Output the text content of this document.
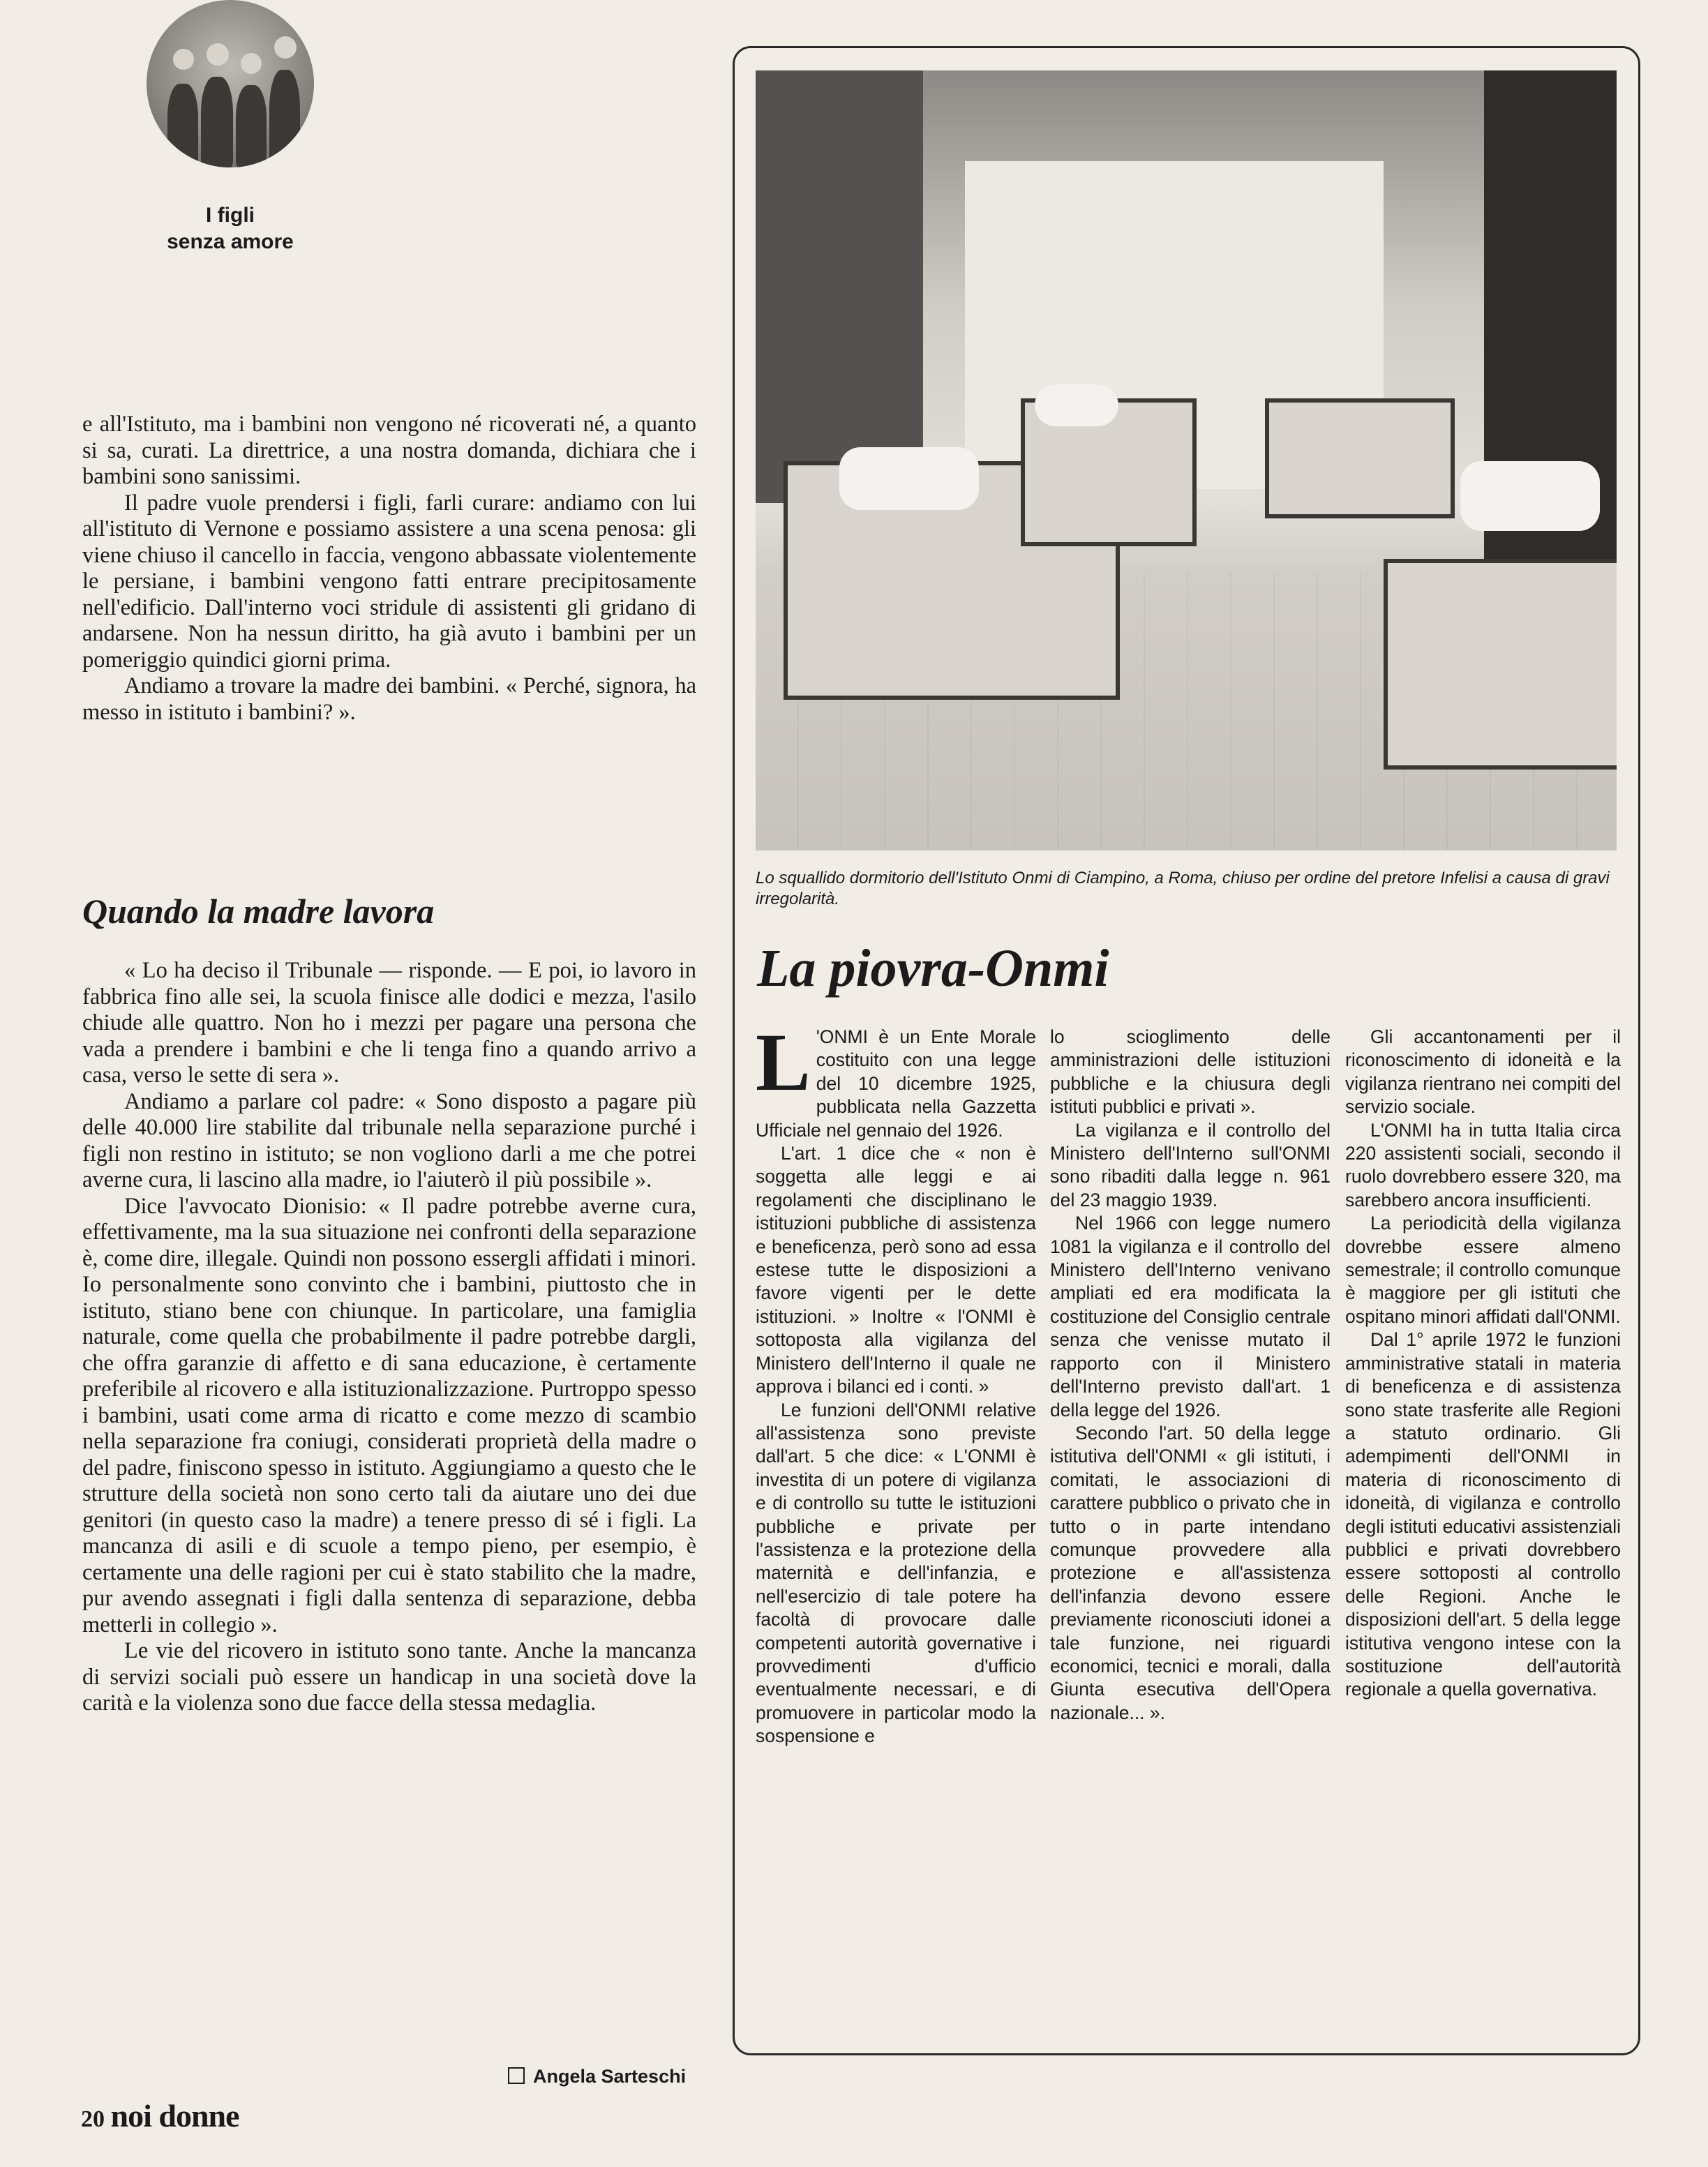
I figli
senza amore

e all'Istituto, ma i bambini non vengono né ricoverati né, a quanto si sa, curati. La direttrice, a una nostra domanda, dichiara che i bambini sono sanissimi.

Il padre vuole prendersi i figli, farli curare: andiamo con lui all'istituto di Vernone e possiamo assistere a una scena penosa: gli viene chiuso il cancello in faccia, vengono abbassate violentemente le persiane, i bambini vengono fatti entrare precipitosamente nell'edificio. Dall'interno voci stridule di assistenti gli gridano di andarsene. Non ha nessun diritto, ha già avuto i bambini per un pomeriggio quindici giorni prima.

Andiamo a trovare la madre dei bambini. « Perché, signora, ha messo in istituto i bambini? ».

Quando la madre lavora

« Lo ha deciso il Tribunale — risponde. — E poi, io lavoro in fabbrica fino alle sei, la scuola finisce alle dodici e mezza, l'asilo chiude alle quattro. Non ho i mezzi per pagare una persona che vada a prendere i bambini e che li tenga fino a quando arrivo a casa, verso le sette di sera ».

Andiamo a parlare col padre: « Sono disposto a pagare più delle 40.000 lire stabilite dal tribunale nella separazione purché i figli non restino in istituto; se non vogliono darli a me che potrei averne cura, li lascino alla madre, io l'aiuterò il più possibile ».

Dice l'avvocato Dionisio: « Il padre potrebbe averne cura, effettivamente, ma la sua situazione nei confronti della separazione è, come dire, illegale. Quindi non possono essergli affidati i minori. Io personalmente sono convinto che i bambini, piuttosto che in istituto, stiano bene con chiunque. In particolare, una famiglia naturale, come quella che probabilmente il padre potrebbe dargli, che offra garanzie di affetto e di sana educazione, è certamente preferibile al ricovero e alla istituzionalizzazione. Purtroppo spesso i bambini, usati come arma di ricatto e come mezzo di scambio nella separazione fra coniugi, considerati proprietà della madre o del padre, finiscono spesso in istituto. Aggiungiamo a questo che le strutture della società non sono certo tali da aiutare uno dei due genitori (in questo caso la madre) a tenere presso di sé i figli. La mancanza di asili e di scuole a tempo pieno, per esempio, è certamente una delle ragioni per cui è stato stabilito che la madre, pur avendo assegnati i figli dalla sentenza di separazione, debba metterli in collegio ».

Le vie del ricovero in istituto sono tante. Anche la mancanza di servizi sociali può essere un handicap in una società dove la carità e la violenza sono due facce della stessa medaglia.

Angela Sarteschi
20 noi donne
Lo squallido dormitorio dell'Istituto Onmi di Ciampino, a Roma, chiuso per ordine del pretore Infelisi a causa di gravi irregolarità.
La piovra-Onmi

L 'ONMI è un Ente Morale costituito con una legge del 10 dicembre 1925, pubblicata nella Gazzetta Ufficiale nel gennaio del 1926.

L'art. 1 dice che « non è soggetta alle leggi e ai regolamenti che disciplinano le istituzioni pubbliche di assistenza e beneficenza, però sono ad essa estese tutte le disposizioni a favore vigenti per le dette istituzioni. » Inoltre « l'ONMI è sottoposta alla vigilanza del Ministero dell'Interno il quale ne approva i bilanci ed i conti. »

Le funzioni dell'ONMI relative all'assistenza sono previste dall'art. 5 che dice: « L'ONMI è investita di un potere di vigilanza e di controllo su tutte le istituzioni pubbliche e private per l'assistenza e la protezione della maternità e dell'infanzia, e nell'esercizio di tale potere ha facoltà di provocare dalle competenti autorità governative i provvedimenti d'ufficio eventualmente necessari, e di promuovere in particolar modo la sospensione e

lo scioglimento delle amministrazioni delle istituzioni pubbliche e la chiusura degli istituti pubblici e privati ».

La vigilanza e il controllo del Ministero dell'Interno sull'ONMI sono ribaditi dalla legge n. 961 del 23 maggio 1939.

Nel 1966 con legge numero 1081 la vigilanza e il controllo del Ministero dell'Interno venivano ampliati ed era modificata la costituzione del Consiglio centrale senza che venisse mutato il rapporto con il Ministero dell'Interno previsto dall'art. 1 della legge del 1926.

Secondo l'art. 50 della legge istitutiva dell'ONMI « gli istituti, i comitati, le associazioni di carattere pubblico o privato che in tutto o in parte intendano comunque provvedere alla protezione e all'assistenza dell'infanzia devono essere previamente riconosciuti idonei a tale funzione, nei riguardi economici, tecnici e morali, dalla Giunta esecutiva dell'Opera nazionale... ».

Gli accantonamenti per il riconoscimento di idoneità e la vigilanza rientrano nei compiti del servizio sociale.

L'ONMI ha in tutta Italia circa 220 assistenti sociali, secondo il ruolo dovrebbero essere 320, ma sarebbero ancora insufficienti.

La periodicità della vigilanza dovrebbe essere almeno semestrale; il controllo comunque è maggiore per gli istituti che ospitano minori affidati dall'ONMI.

Dal 1° aprile 1972 le funzioni amministrative statali in materia di beneficenza e di assistenza sono state trasferite alle Regioni a statuto ordinario. Gli adempimenti dell'ONMI in materia di riconoscimento di idoneità, di vigilanza e controllo degli istituti educativi assistenziali pubblici e privati dovrebbero essere sottoposti al controllo delle Regioni. Anche le disposizioni dell'art. 5 della legge istitutiva vengono intese con la sostituzione dell'autorità regionale a quella governativa.
